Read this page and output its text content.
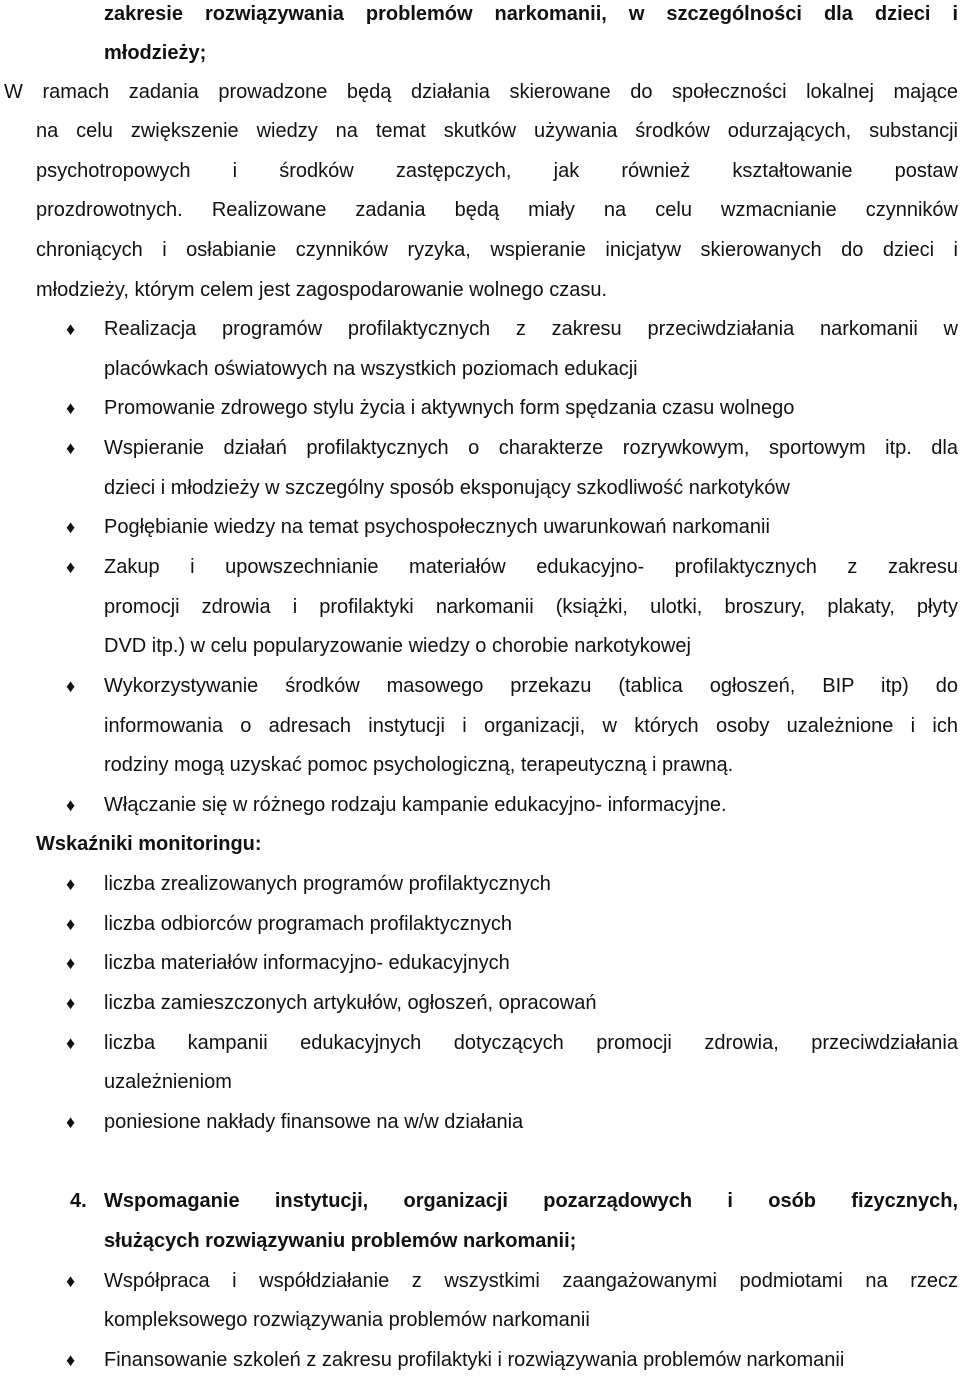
zakresie rozwiązywania problemów narkomanii, w szczególności dla dzieci i
młodzieży;
W ramach zadania prowadzone będą działania skierowane do społeczności lokalnej mające
na celu zwiększenie wiedzy na temat skutków używania środków odurzających, substancji
psychotropowych i środków zastępczych, jak również kształtowanie postaw
prozdrowotnych. Realizowane zadania będą miały na celu wzmacnianie czynników
chroniących i osłabianie czynników ryzyka, wspieranie inicjatyw skierowanych do dzieci i
młodzieży, którym celem jest zagospodarowanie wolnego czasu.
♦ Realizacja programów profilaktycznych z zakresu przeciwdziałania narkomanii w
placówkach oświatowych na wszystkich poziomach edukacji
♦ Promowanie zdrowego stylu życia i aktywnych form spędzania czasu wolnego
♦ Wspieranie działań profilaktycznych o charakterze rozrywkowym, sportowym itp. dla
dzieci i młodzieży w szczególny sposób eksponujący szkodliwość narkotyków
♦ Pogłębianie wiedzy na temat psychospołecznych uwarunkowań narkomanii
♦ Zakup i upowszechnianie materiałów edukacyjno- profilaktycznych z zakresu
promocji zdrowia i profilaktyki narkomanii (książki, ulotki, broszury, plakaty, płyty
DVD itp.) w celu popularyzowanie wiedzy o chorobie narkotykowej
♦ Wykorzystywanie środków masowego przekazu (tablica ogłoszeń, BIP itp) do
informowania o adresach instytucji i organizacji, w których osoby uzależnione i ich
rodziny mogą uzyskać pomoc psychologiczną, terapeutyczną i prawną.
♦ Włączanie się w różnego rodzaju kampanie edukacyjno- informacyjne.
Wskaźniki monitoringu:
♦ liczba zrealizowanych programów profilaktycznych
♦ liczba odbiorców programach profilaktycznych
♦ liczba materiałów informacyjno- edukacyjnych
♦ liczba zamieszczonych artykułów, ogłoszeń, opracowań
♦ liczba kampanii edukacyjnych dotyczących promocji zdrowia, przeciwdziałania
uzależnieniom
♦ poniesione nakłady finansowe na w/w działania
4. Wspomaganie instytucji, organizacji pozarządowych i osób fizycznych,
służących rozwiązywaniu problemów narkomanii;
♦ Współpraca i współdziałanie z wszystkimi zaangażowanymi podmiotami na rzecz
kompleksowego rozwiązywania problemów narkomanii
♦ Finansowanie szkoleń z zakresu profilaktyki i rozwiązywania problemów narkomanii
